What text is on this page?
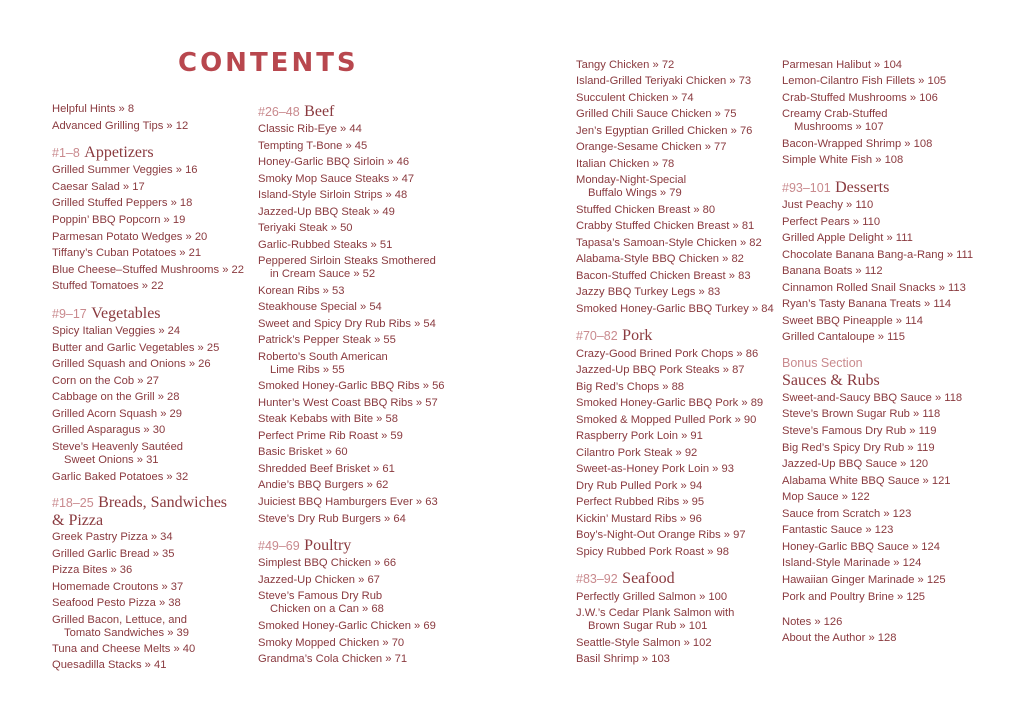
CONTENTS
Helpful Hints » 8
Advanced Grilling Tips » 12
#1–8 Appetizers
Grilled Summer Veggies » 16
Caesar Salad » 17
Grilled Stuffed Peppers » 18
Poppin’ BBQ Popcorn » 19
Parmesan Potato Wedges » 20
Tiffany’s Cuban Potatoes » 21
Blue Cheese–Stuffed Mushrooms » 22
Stuffed Tomatoes » 22
#9–17 Vegetables
Spicy Italian Veggies » 24
Butter and Garlic Vegetables » 25
Grilled Squash and Onions » 26
Corn on the Cob » 27
Cabbage on the Grill » 28
Grilled Acorn Squash » 29
Grilled Asparagus » 30
Steve’s Heavenly Sautéed
Sweet Onions » 31
Garlic Baked Potatoes » 32
#18–25 Breads, Sandwiches
& Pizza
Greek Pastry Pizza » 34
Grilled Garlic Bread » 35
Pizza Bites » 36
Homemade Croutons » 37
Seafood Pesto Pizza » 38
Grilled Bacon, Lettuce, and
Tomato Sandwiches » 39
Tuna and Cheese Melts » 40
Quesadilla Stacks » 41
#26–48 Beef
Classic Rib-Eye » 44
Tempting T-Bone » 45
Honey-Garlic BBQ Sirloin » 46
Smoky Mop Sauce Steaks » 47
Island-Style Sirloin Strips » 48
Jazzed-Up BBQ Steak » 49
Teriyaki Steak » 50
Garlic-Rubbed Steaks » 51
Peppered Sirloin Steaks Smothered
in Cream Sauce » 52
Korean Ribs » 53
Steakhouse Special » 54
Sweet and Spicy Dry Rub Ribs » 54
Patrick’s Pepper Steak » 55
Roberto’s South American
Lime Ribs » 55
Smoked Honey-Garlic BBQ Ribs » 56
Hunter’s West Coast BBQ Ribs » 57
Steak Kebabs with Bite » 58
Perfect Prime Rib Roast » 59
Basic Brisket » 60
Shredded Beef Brisket » 61
Andie’s BBQ Burgers » 62
Juiciest BBQ Hamburgers Ever » 63
Steve’s Dry Rub Burgers » 64
#49–69 Poultry
Simplest BBQ Chicken » 66
Jazzed-Up Chicken » 67
Steve’s Famous Dry Rub
Chicken on a Can » 68
Smoked Honey-Garlic Chicken » 69
Smoky Mopped Chicken » 70
Grandma’s Cola Chicken » 71
Tangy Chicken » 72
Island-Grilled Teriyaki Chicken » 73
Succulent Chicken » 74
Grilled Chili Sauce Chicken » 75
Jen’s Egyptian Grilled Chicken » 76
Orange-Sesame Chicken » 77
Italian Chicken » 78
Monday-Night-Special
Buffalo Wings » 79
Stuffed Chicken Breast » 80
Crabby Stuffed Chicken Breast » 81
Tapasa’s Samoan-Style Chicken » 82
Alabama-Style BBQ Chicken » 82
Bacon-Stuffed Chicken Breast » 83
Jazzy BBQ Turkey Legs » 83
Smoked Honey-Garlic BBQ Turkey » 84
#70–82 Pork
Crazy-Good Brined Pork Chops » 86
Jazzed-Up BBQ Pork Steaks » 87
Big Red’s Chops » 88
Smoked Honey-Garlic BBQ Pork » 89
Smoked & Mopped Pulled Pork » 90
Raspberry Pork Loin » 91
Cilantro Pork Steak » 92
Sweet-as-Honey Pork Loin » 93
Dry Rub Pulled Pork » 94
Perfect Rubbed Ribs » 95
Kickin’ Mustard Ribs » 96
Boy’s-Night-Out Orange Ribs » 97
Spicy Rubbed Pork Roast » 98
#83–92 Seafood
Perfectly Grilled Salmon » 100
J.W.’s Cedar Plank Salmon with
Brown Sugar Rub » 101
Seattle-Style Salmon » 102
Basil Shrimp » 103
Parmesan Halibut » 104
Lemon-Cilantro Fish Fillets » 105
Crab-Stuffed Mushrooms » 106
Creamy Crab-Stuffed
Mushrooms » 107
Bacon-Wrapped Shrimp » 108
Simple White Fish » 108
#93–101 Desserts
Just Peachy » 110
Perfect Pears » 110
Grilled Apple Delight » 111
Chocolate Banana Bang-a-Rang » 111
Banana Boats » 112
Cinnamon Rolled Snail Snacks » 113
Ryan’s Tasty Banana Treats » 114
Sweet BBQ Pineapple » 114
Grilled Cantaloupe » 115
Bonus Section
Sauces & Rubs
Sweet-and-Saucy BBQ Sauce » 118
Steve’s Brown Sugar Rub » 118
Steve’s Famous Dry Rub » 119
Big Red’s Spicy Dry Rub » 119
Jazzed-Up BBQ Sauce » 120
Alabama White BBQ Sauce » 121
Mop Sauce » 122
Sauce from Scratch » 123
Fantastic Sauce » 123
Honey-Garlic BBQ Sauce » 124
Island-Style Marinade » 124
Hawaiian Ginger Marinade » 125
Pork and Poultry Brine » 125
Notes » 126
About the Author » 128
